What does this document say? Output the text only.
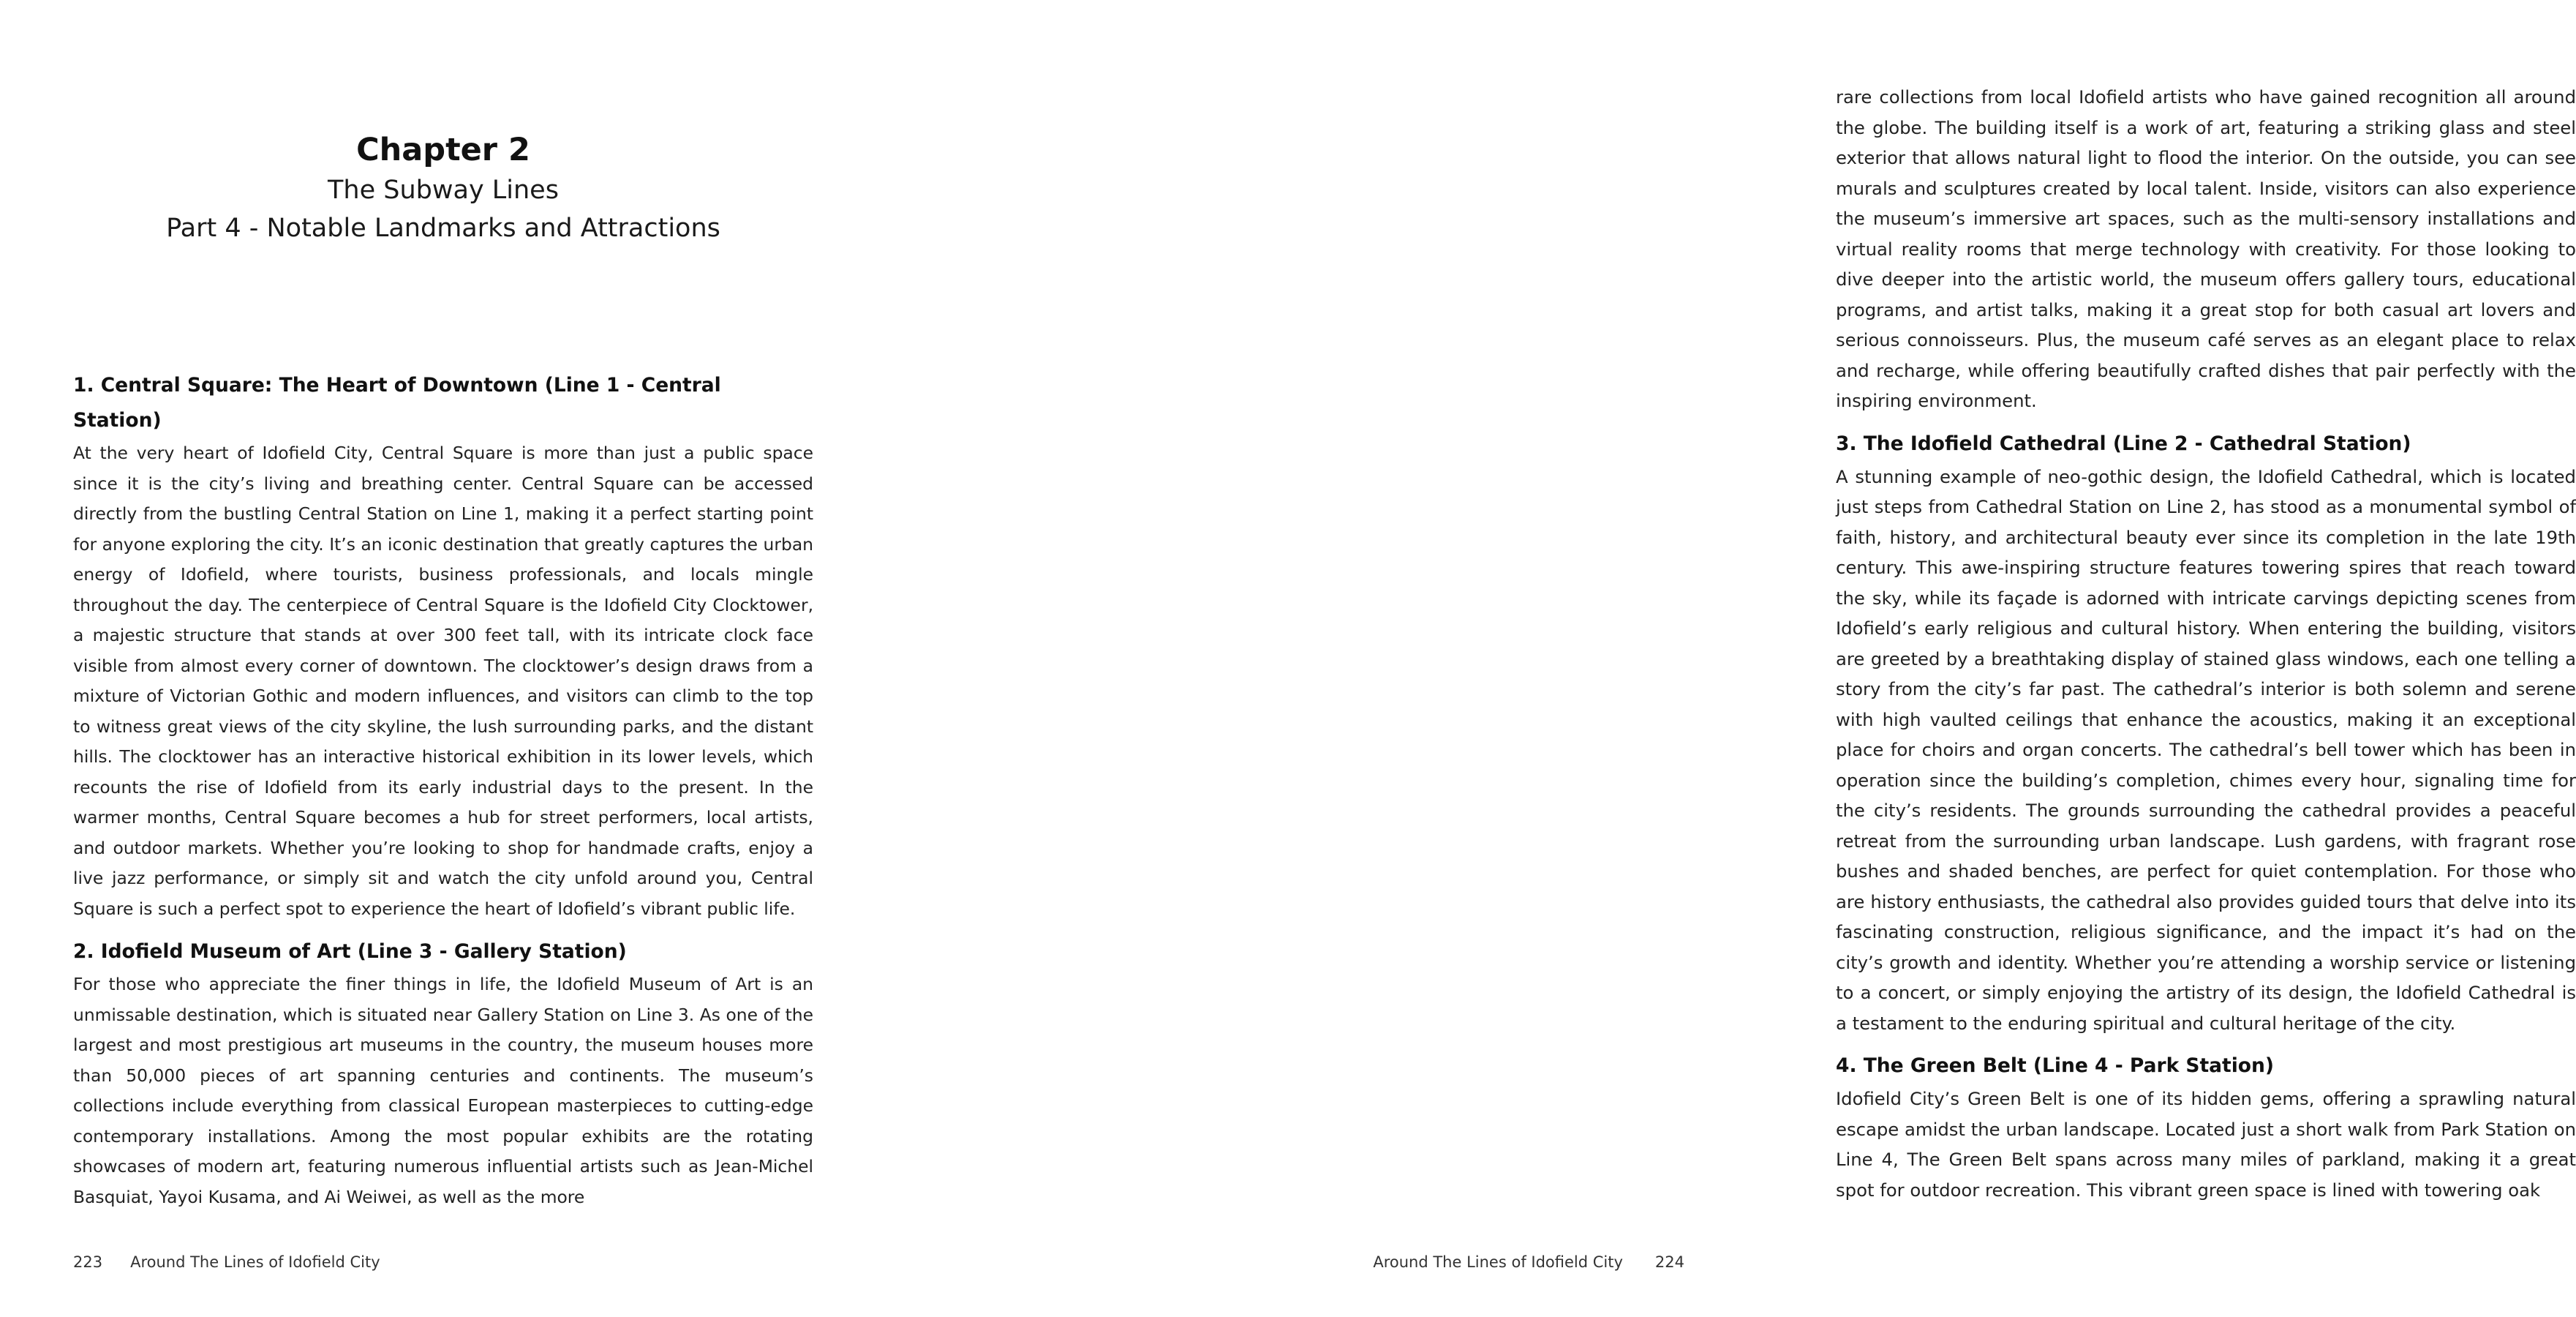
Chapter 2

The Subway Lines

Part 4 - Notable Landmarks and Attractions

1. Central Square: The Heart of Downtown (Line 1 - Central Station)

At the very heart of Idofield City, Central Square is more than just a public space since it is the city’s living and breathing center. Central Square can be accessed directly from the bustling Central Station on Line 1, making it a perfect starting point for anyone exploring the city. It’s an iconic destination that greatly captures the urban energy of Idofield, where tourists, business professionals, and locals mingle throughout the day. The centerpiece of Central Square is the Idofield City Clocktower, a majestic structure that stands at over 300 feet tall, with its intricate clock face visible from almost every corner of downtown. The clocktower’s design draws from a mixture of Victorian Gothic and modern influences, and visitors can climb to the top to witness great views of the city skyline, the lush surrounding parks, and the distant hills. The clocktower has an interactive historical exhibition in its lower levels, which recounts the rise of Idofield from its early industrial days to the present. In the warmer months, Central Square becomes a hub for street performers, local artists, and outdoor markets. Whether you’re looking to shop for handmade crafts, enjoy a live jazz performance, or simply sit and watch the city unfold around you, Central Square is such a perfect spot to experience the heart of Idofield’s vibrant public life.

2. Idofield Museum of Art (Line 3 - Gallery Station)

For those who appreciate the finer things in life, the Idofield Museum of Art is an unmissable destination, which is situated near Gallery Station on Line 3. As one of the largest and most prestigious art museums in the country, the museum houses more than 50,000 pieces of art spanning centuries and continents. The museum’s collections include everything from classical European masterpieces to cutting-edge contemporary installations. Among the most popular exhibits are the rotating showcases of modern art, featuring numerous influential artists such as Jean-Michel Basquiat, Yayoi Kusama, and Ai Weiwei, as well as the more

223 Around The Lines of Idofield City

rare collections from local Idofield artists who have gained recognition all around the globe. The building itself is a work of art, featuring a striking glass and steel exterior that allows natural light to flood the interior. On the outside, you can see murals and sculptures created by local talent. Inside, visitors can also experience the museum’s immersive art spaces, such as the multi-sensory installations and virtual reality rooms that merge technology with creativity. For those looking to dive deeper into the artistic world, the museum offers gallery tours, educational programs, and artist talks, making it a great stop for both casual art lovers and serious connoisseurs. Plus, the museum café serves as an elegant place to relax and recharge, while offering beautifully crafted dishes that pair perfectly with the inspiring environment.

3. The Idofield Cathedral (Line 2 - Cathedral Station)

A stunning example of neo-gothic design, the Idofield Cathedral, which is located just steps from Cathedral Station on Line 2, has stood as a monumental symbol of faith, history, and architectural beauty ever since its completion in the late 19th century. This awe-inspiring structure features towering spires that reach toward the sky, while its façade is adorned with intricate carvings depicting scenes from Idofield’s early religious and cultural history. When entering the building, visitors are greeted by a breathtaking display of stained glass windows, each one telling a story from the city’s far past. The cathedral’s interior is both solemn and serene with high vaulted ceilings that enhance the acoustics, making it an exceptional place for choirs and organ concerts. The cathedral’s bell tower which has been in operation since the building’s completion, chimes every hour, signaling time for the city’s residents. The grounds surrounding the cathedral provides a peaceful retreat from the surrounding urban landscape. Lush gardens, with fragrant rose bushes and shaded benches, are perfect for quiet contemplation. For those who are history enthusiasts, the cathedral also provides guided tours that delve into its fascinating construction, religious significance, and the impact it’s had on the city’s growth and identity. Whether you’re attending a worship service or listening to a concert, or simply enjoying the artistry of its design, the Idofield Cathedral is a testament to the enduring spiritual and cultural heritage of the city.

4. The Green Belt (Line 4 - Park Station)

Idofield City’s Green Belt is one of its hidden gems, offering a sprawling natural escape amidst the urban landscape. Located just a short walk from Park Station on Line 4, The Green Belt spans across many miles of parkland, making it a great spot for outdoor recreation. This vibrant green space is lined with towering oak

Around The Lines of Idofield City 224
